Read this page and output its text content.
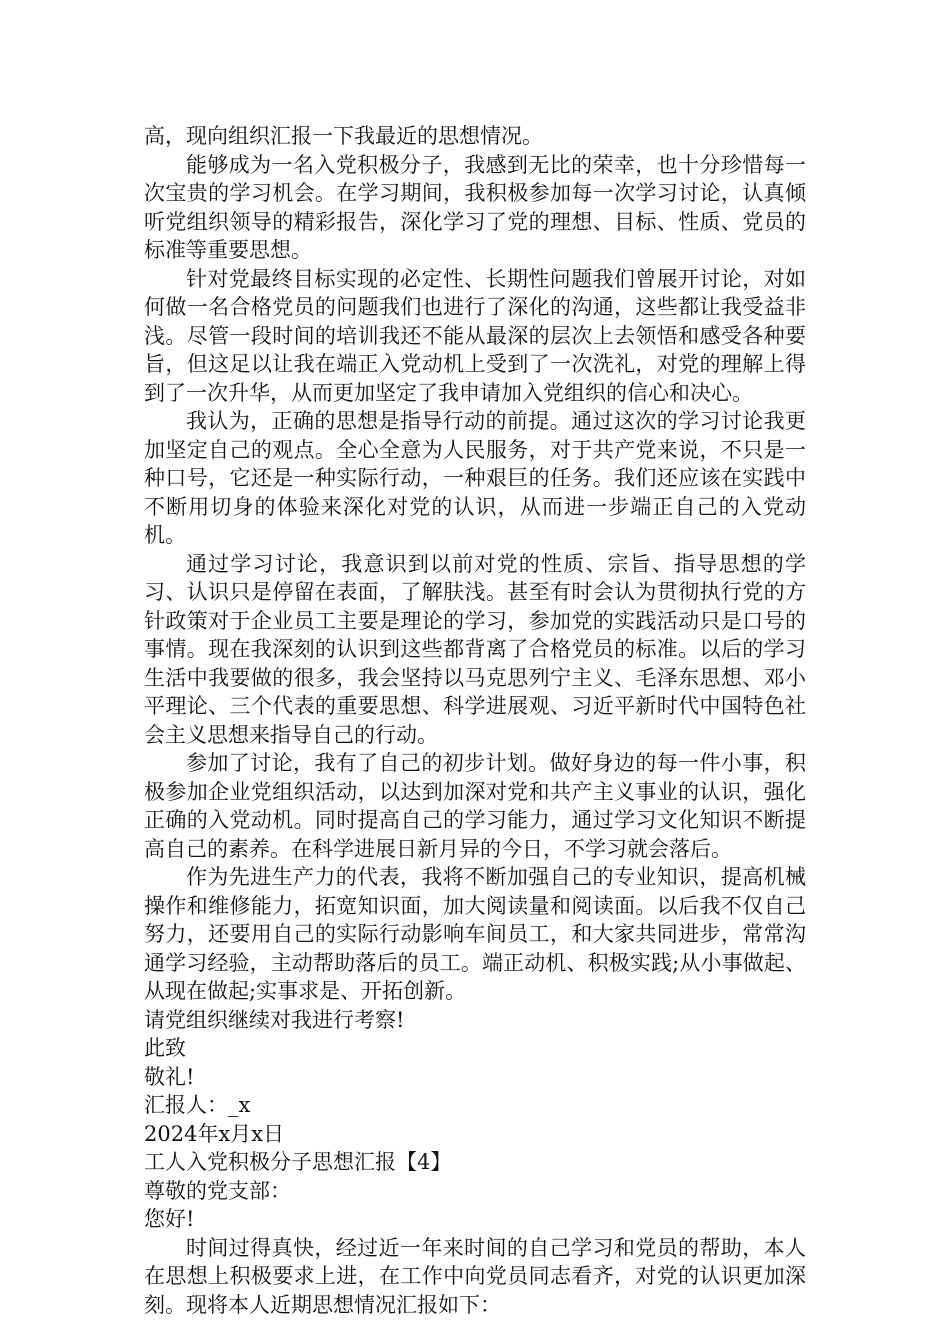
高，现向组织汇报一下我最近的思想情况。

能够成为一名入党积极分子，我感到无比的荣幸，也十分珍惜每一次宝贵的学习机会。在学习期间，我积极参加每一次学习讨论，认真倾听党组织领导的精彩报告，深化学习了党的理想、目标、性质、党员的标准等重要思想。

针对党最终目标实现的必定性、长期性问题我们曾展开讨论，对如何做一名合格党员的问题我们也进行了深化的沟通，这些都让我受益非浅。尽管一段时间的培训我还不能从最深的层次上去领悟和感受各种要旨，但这足以让我在端正入党动机上受到了一次洗礼，对党的理解上得到了一次升华，从而更加坚定了我申请加入党组织的信心和决心。

我认为，正确的思想是指导行动的前提。通过这次的学习讨论我更加坚定自己的观点。全心全意为人民服务，对于共产党来说，不只是一种口号，它还是一种实际行动，一种艰巨的任务。我们还应该在实践中不断用切身的体验来深化对党的认识，从而进一步端正自己的入党动机。

通过学习讨论，我意识到以前对党的性质、宗旨、指导思想的学习、认识只是停留在表面，了解肤浅。甚至有时会认为贯彻执行党的方针政策对于企业员工主要是理论的学习，参加党的实践活动只是口号的事情。现在我深刻的认识到这些都背离了合格党员的标准。以后的学习生活中我要做的很多，我会坚持以马克思列宁主义、毛泽东思想、邓小平理论、三个代表的重要思想、科学进展观、习近平新时代中国特色社会主义思想来指导自己的行动。

参加了讨论，我有了自己的初步计划。做好身边的每一件小事，积极参加企业党组织活动，以达到加深对党和共产主义事业的认识，强化正确的入党动机。同时提高自己的学习能力，通过学习文化知识不断提高自己的素养。在科学进展日新月异的今日，不学习就会落后。

作为先进生产力的代表，我将不断加强自己的专业知识，提高机械操作和维修能力，拓宽知识面，加大阅读量和阅读面。以后我不仅自己努力，还要用自己的实际行动影响车间员工，和大家共同进步，常常沟通学习经验，主动帮助落后的员工。端正动机、积极实践;从小事做起、从现在做起;实事求是、开拓创新。

请党组织继续对我进行考察!

此致

敬礼!

汇报人：_x

2024年x月x日

工人入党积极分子思想汇报【4】

尊敬的党支部：

您好!

时间过得真快，经过近一年来时间的自己学习和党员的帮助，本人在思想上积极要求上进，在工作中向党员同志看齐，对党的认识更加深刻。现将本人近期思想情况汇报如下：
